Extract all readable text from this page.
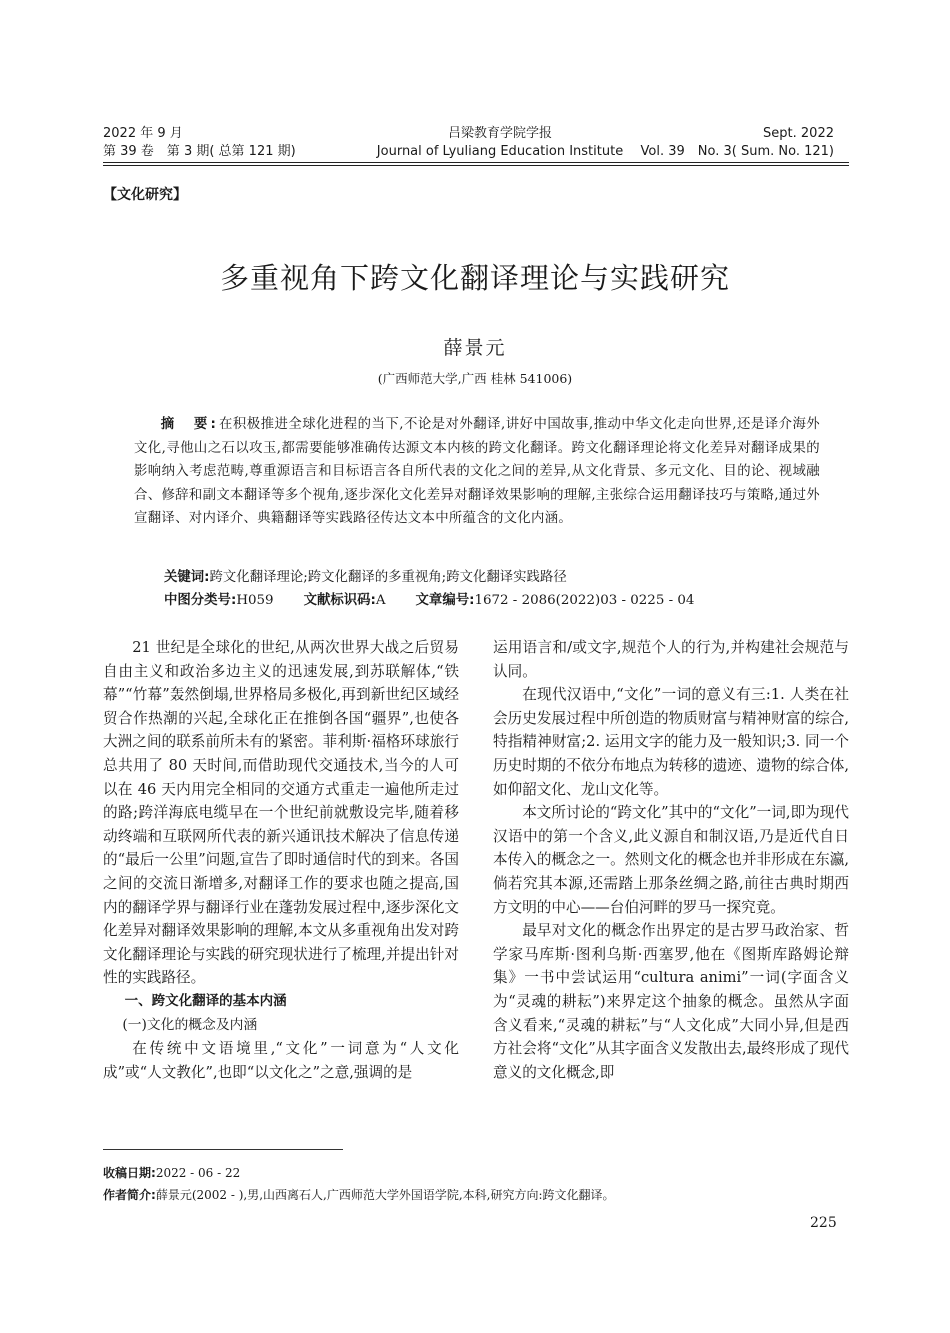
2022 年 9 月
第 39 卷　第 3 期( 总第 121 期)
吕梁教育学院学报
Journal of Lyuliang Education Institute
Sept. 2022
Vol. 39　No. 3( Sum. No. 121)
【文化研究】
多重视角下跨文化翻译理论与实践研究
薛景元
(广西师范大学,广西 桂林 541006)
摘　要:在积极推进全球化进程的当下,不论是对外翻译,讲好中国故事,推动中华文化走向世界,还是译介海外文化,寻他山之石以攻玉,都需要能够准确传达源文本内核的跨文化翻译。跨文化翻译理论将文化差异对翻译成果的影响纳入考虑范畴,尊重源语言和目标语言各自所代表的文化之间的差异,从文化背景、多元文化、目的论、视域融合、修辞和副文本翻译等多个视角,逐步深化文化差异对翻译效果影响的理解,主张综合运用翻译技巧与策略,通过外宣翻译、对内译介、典籍翻译等实践路径传达文本中所蕴含的文化内涵。
关键词:跨文化翻译理论;跨文化翻译的多重视角;跨文化翻译实践路径
中图分类号:H059 文献标识码:A 文章编号:1672 - 2086(2022)03 - 0225 - 04

21 世纪是全球化的世纪,从两次世界大战之后贸易自由主义和政治多边主义的迅速发展,到苏联解体,“铁幕”“竹幕”轰然倒塌,世界格局多极化,再到新世纪区域经贸合作热潮的兴起,全球化正在推倒各国“疆界”,也使各大洲之间的联系前所未有的紧密。菲利斯·福格环球旅行总共用了 80 天时间,而借助现代交通技术,当今的人可以在 46 天内用完全相同的交通方式重走一遍他所走过的路;跨洋海底电缆早在一个世纪前就敷设完毕,随着移动终端和互联网所代表的新兴通讯技术解决了信息传递的“最后一公里”问题,宣告了即时通信时代的到来。各国之间的交流日渐增多,对翻译工作的要求也随之提高,国内的翻译学界与翻译行业在蓬勃发展过程中,逐步深化文化差异对翻译效果影响的理解,本文从多重视角出发对跨文化翻译理论与实践的研究现状进行了梳理,并提出针对性的实践路径。

一、跨文化翻译的基本内涵

(一)文化的概念及内涵

在传统中文语境里,“文化”一词意为“人文化成”或“人文教化”,也即“以文化之”之意,强调的是

运用语言和/或文字,规范个人的行为,并构建社会规范与认同。

在现代汉语中,“文化”一词的意义有三:1. 人类在社会历史发展过程中所创造的物质财富与精神财富的综合,特指精神财富;2. 运用文字的能力及一般知识;3. 同一个历史时期的不依分布地点为转移的遗迹、遗物的综合体,如仰韶文化、龙山文化等。

本文所讨论的“跨文化”其中的“文化”一词,即为现代汉语中的第一个含义,此义源自和制汉语,乃是近代自日本传入的概念之一。然则文化的概念也并非形成在东瀛,倘若究其本源,还需踏上那条丝绸之路,前往古典时期西方文明的中心——台伯河畔的罗马一探究竟。

最早对文化的概念作出界定的是古罗马政治家、哲学家马库斯·图利乌斯·西塞罗,他在《图斯库路姆论辩集》一书中尝试运用“cultura animi”一词(字面含义为“灵魂的耕耘”)来界定这个抽象的概念。虽然从字面含义看来,“灵魂的耕耘”与“人文化成”大同小异,但是西方社会将“文化”从其字面含义发散出去,最终形成了现代意义的文化概念,即

收稿日期:2022 - 06 - 22
作者简介:薛景元(2002 - ),男,山西离石人,广西师范大学外国语学院,本科,研究方向:跨文化翻译。
225
